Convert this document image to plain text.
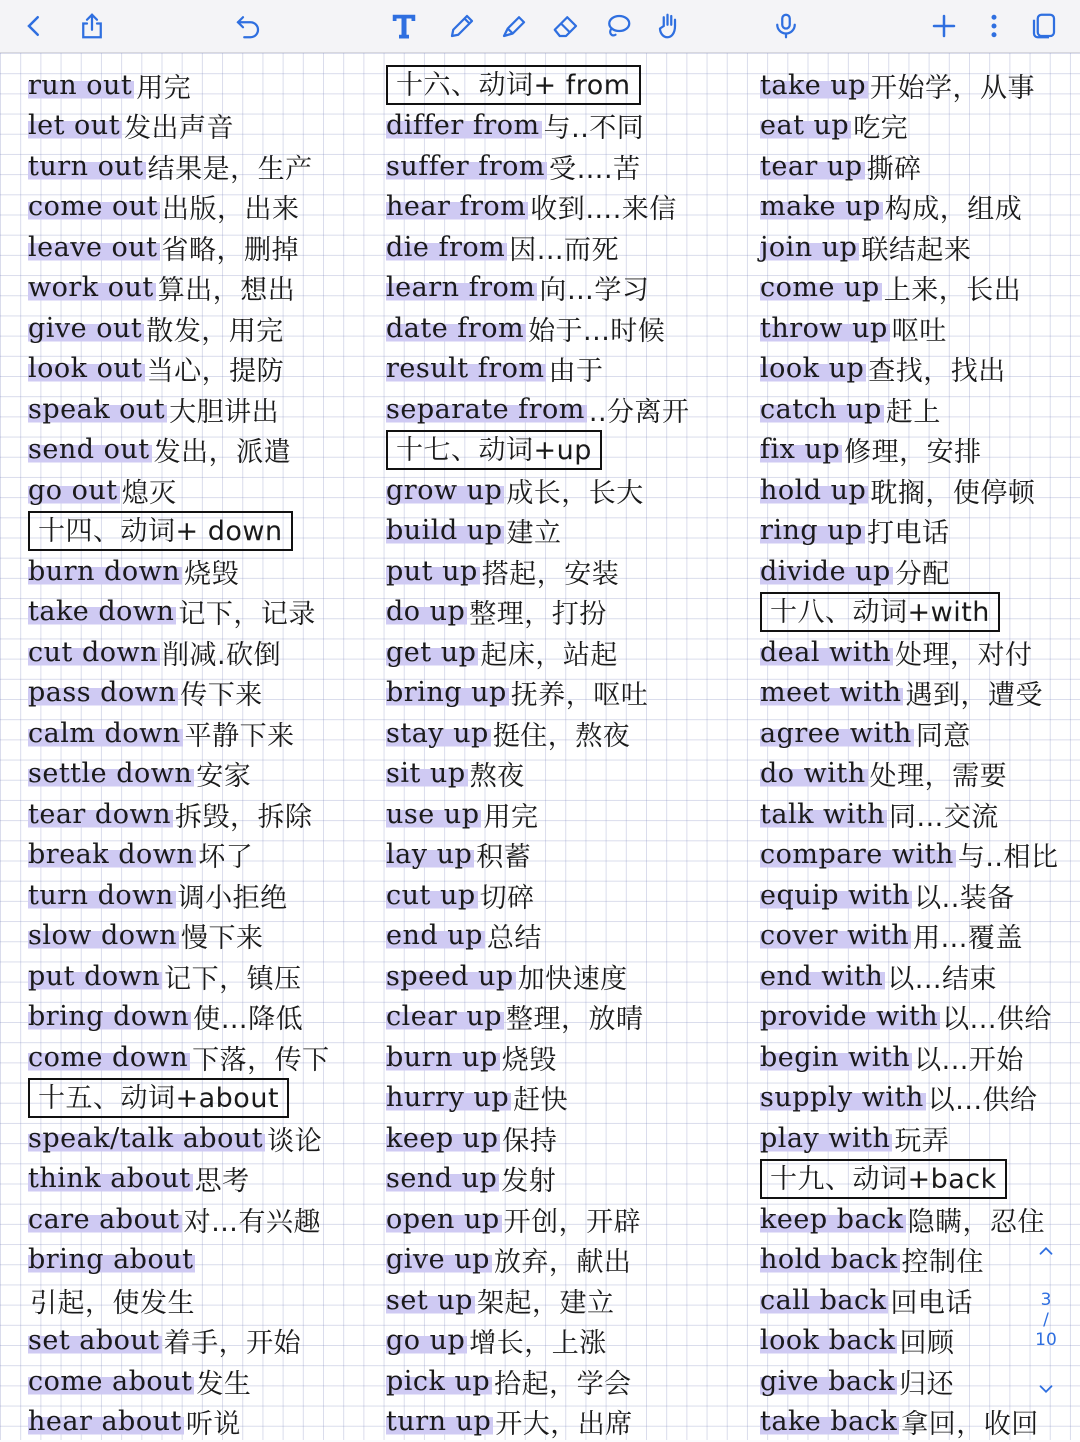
run out 用完
let out 发出声音
turn out 结果是，生产
come out 出版，出来
leave out 省略，删掉
work out 算出，想出
give out 散发，用完
look out 当心，提防
speak out 大胆讲出
send out 发出，派遣
go out 熄灭
十四、动词+ down
burn down 烧毁
take down 记下，记录
cut down 削减.砍倒
pass down 传下来
calm down 平静下来
settle down 安家
tear down 拆毁，拆除
break down 坏了
turn down 调小拒绝
slow down 慢下来
put down 记下，镇压
bring down 使…降低
come down 下落，传下
十五、动词+about
speak/talk about 谈论
think about 思考
care about 对…有兴趣
bring about
引起，使发生
set about 着手，开始
come about 发生
hear about 听说
十六、动词+ from
differ from 与..不同
suffer from 受….苦
hear from 收到….来信
die from 因...而死
learn from 向…学习
date from 始于...时候
result from 由于
separate from ..分离开
十七、动词+up
grow up 成长，长大
build up 建立
put up 搭起，安装
do up 整理，打扮
get up 起床，站起
bring up 抚养，呕吐
stay up 挺住，熬夜
sit up 熬夜
use up 用完
lay up 积蓄
cut up 切碎
end up 总结
speed up 加快速度
clear up 整理，放晴
burn up 烧毁
hurry up 赶快
keep up 保持
send up 发射
open up 开创，开辟
give up 放弃，献出
set up 架起，建立
go up 增长，上涨
pick up 拾起，学会
turn up 开大，出席
take up 开始学，从事
eat up 吃完
tear up 撕碎
make up 构成，组成
join up 联结起来
come up 上来，长出
throw up 呕吐
look up 查找，找出
catch up 赶上
fix up 修理，安排
hold up 耽搁，使停顿
ring up 打电话
divide up 分配
十八、动词+with
deal with 处理，对付
meet with 遇到，遭受
agree with 同意
do with 处理，需要
talk with 同...交流
compare with 与..相比
equip with 以..装备
cover with 用...覆盖
end with 以...结束
provide with 以...供给
begin with 以...开始
supply with 以...供给
play with 玩弄
十九、动词+back
keep back 隐瞒，忍住
hold back 控制住
call back 回电话
look back 回顾
give back 归还
take back 拿回，收回
3
/
10
